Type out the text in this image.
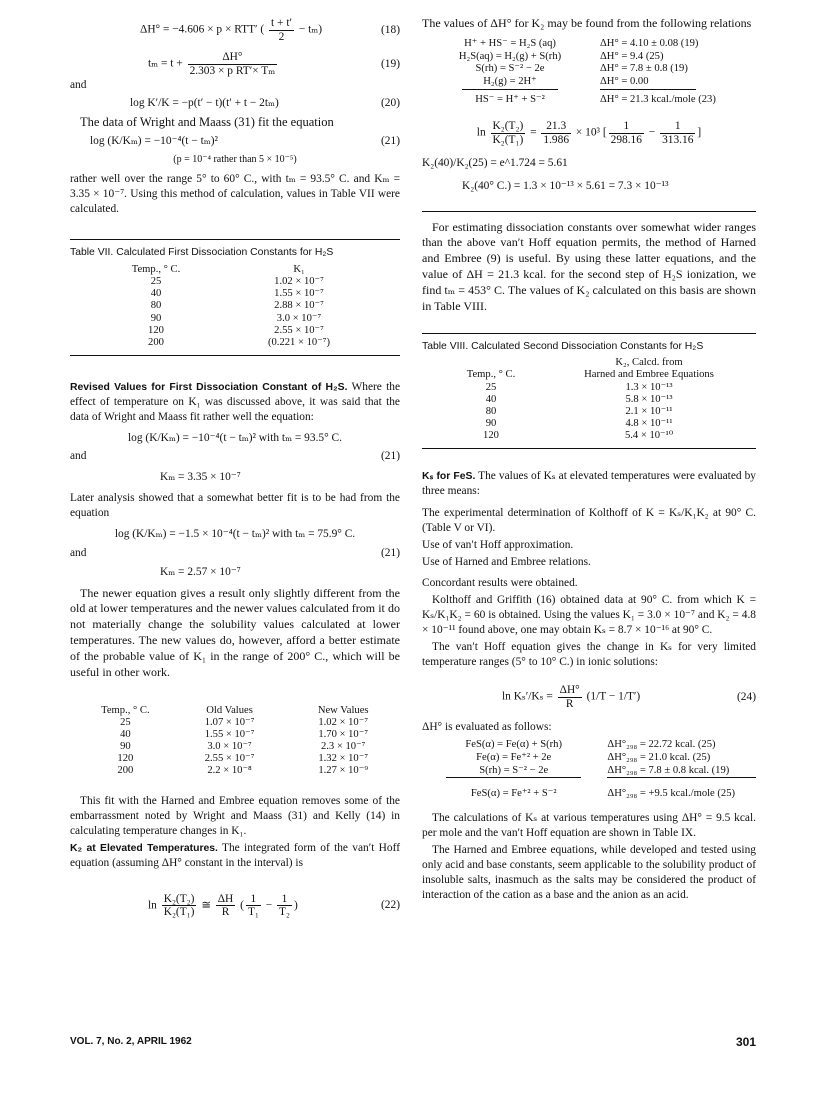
ΔH° = −4.606 × p × RTT′ ( $\frac{t + t'}{2} - t_m$)	(18)
$t_m = t + \frac{\Delta H^\circ}{\text{2.303 × p RT′× Tₘ}}$	(19)
and
log K′/K = −p(t′ − t)(t′ + t − 2tₘ)	(20)
The data of Wright and Maass (31) fit the equation
log (K/Kₘ) = −10⁻⁴(t − tₘ)²	(21)
(p = 10⁻⁴ rather than 5 × 10⁻⁵)
rather well over the range 5° to 60° C., with tₘ = 93.5° C. and Kₘ = 3.35 × 10⁻⁷. Using this method of calculation, values in Table VII were calculated.
Table VII. Calculated First Dissociation Constants for H₂S
Temp., ° C.	K₁
25	1.02 × 10⁻⁷
40	1.55 × 10⁻⁷
80	2.88 × 10⁻⁷
90	3.0 × 10⁻⁷
120	2.55 × 10⁻⁷
200	(0.221 × 10⁻⁷)
Revised Values for First Dissociation Constant of H₂S. Where the effect of temperature on K₁ was discussed above, it was said that the data of Wright and Maass fit rather well the equation:
log (K/Kₘ) = −10⁻⁴(t − tₘ)² with tₘ = 93.5° C.
and	(21)
Kₘ = 3.35 × 10⁻⁷
Later analysis showed that a somewhat better fit is to be had from the equation
log (K/Kₘ) = −1.5 × 10⁻⁴(t − tₘ)² with tₘ = 75.9° C.
and	(21)
Kₘ = 2.57 × 10⁻⁷
The newer equation gives a result only slightly different from the old at lower temperatures and the newer values calculated from it do not materially change the solubility values calculated at lower temperatures. The new values do, however, afford a better estimate of the probable value of K₁ in the range of 200° C., which will be useful in other work.
Temp., ° C.	Old Values	New Values
25	1.07 × 10⁻⁷	1.02 × 10⁻⁷
40	1.55 × 10⁻⁷	1.70 × 10⁻⁷
90	3.0 × 10⁻⁷	2.3 × 10⁻⁷
120	2.55 × 10⁻⁷	1.32 × 10⁻⁷
200	2.2 × 10⁻⁸	1.27 × 10⁻⁹
This fit with the Harned and Embree equation removes some of the embarrassment noted by Wright and Maass (31) and Kelly (14) in calculating temperature changes in K₁.
K₂ at Elevated Temperatures. The integrated form of the van′t Hoff equation (assuming ΔH° constant in the interval) is
$\ln \frac{\text{K₂(T₂)}}{\text{K₂(T₁)}}$ ≅ $\frac{\Delta H}{R}$ ( $\frac{1}{\text{T₁}} - \frac{1}{\text{T₂}}$ )	(22)
The values of ΔH° for K₂ may be found from the following relations
H⁺ + HS⁻ = H₂S (aq)	ΔH° = 4.10 ± 0.08 (19)
H₂S(aq) = H₂(g) + S(rh)	ΔH° = 9.4 (25)
S(rh) = S⁻² − 2e	ΔH° = 7.8 ± 0.8 (19)
H₂(g) = 2H⁺	ΔH° = 0.00
HS⁻ = H⁺ + S⁻²	ΔH° = 21.3 kcal./mole (23)
$\ln \frac{\text{K₂(T₂)}}{\text{K₂(T₁)}} = \frac{21.3}{1.986} \times 10^3$ [ $\frac{1}{298.16} - \frac{1}{313.16}$ ]
K₂(40)/K₂(25) = e^1.724 = 5.61
K₂(40° C.) = 1.3 × 10⁻¹³ × 5.61 = 7.3 × 10⁻¹³
For estimating dissociation constants over somewhat wider ranges than the above van′t Hoff equation permits, the method of Harned and Embree (9) is useful. By using these latter equations, and the value of ΔH = 21.3 kcal. for the second step of H₂S ionization, we find tₘ = 453° C. The values of K₂ calculated on this basis are shown in Table VIII.
Table VIII. Calculated Second Dissociation Constants for H₂S
	K₂, Calcd. from
Temp., ° C.	Harned and Embree Equations
25	1.3 × 10⁻¹³
40	5.8 × 10⁻¹³
80	2.1 × 10⁻¹¹
90	4.8 × 10⁻¹¹
120	5.4 × 10⁻¹⁰
Kₛ for FeS. The values of Kₛ at elevated temperatures were evaluated by three means:
The experimental determination of Kolthoff of K = Kₛ/K₁K₂ at 90° C. (Table V or VI).
Use of van′t Hoff approximation.
Use of Harned and Embree relations.
Concordant results were obtained.
Kolthoff and Griffith (16) obtained data at 90° C. from which K = Kₛ/K₁K₂ = 60 is obtained. Using the values K₁ = 3.0 × 10⁻⁷ and K₂ = 4.8 × 10⁻¹¹ found above, one may obtain Kₛ = 8.7 × 10⁻¹⁶ at 90° C.
The van′t Hoff equation gives the change in Kₛ for very limited temperature ranges (5° to 10° C.) in ionic solutions:
$\ln K_s'/K_s = \frac{\Delta H^\circ}{R} (1/T - 1/T')$	(24)
ΔH° is evaluated as follows:
FeS(α) = Fe(α) + S(rh)	ΔH°₂₉₈ = 22.72 kcal. (25)
Fe(α) = Fe⁺² + 2e	ΔH°₂₉₈ = 21.0 kcal. (25)
S(rh) = S⁻² − 2e	ΔH°₂₉₈ = 7.8 ± 0.8 kcal. (19)
FeS(α) = Fe⁺² + S⁻²	ΔH°₂₉₈ = +9.5 kcal./mole (25)
The calculations of Kₛ at various temperatures using ΔH° = 9.5 kcal. per mole and the van′t Hoff equation are shown in Table IX.
The Harned and Embree equations, while developed and tested using only acid and base constants, seem applicable to the solubility product of insoluble salts, inasmuch as the salts may be considered the product of interaction of the cation as a base and the anion as an acid.
VOL. 7, No. 2, APRIL 1962	301
